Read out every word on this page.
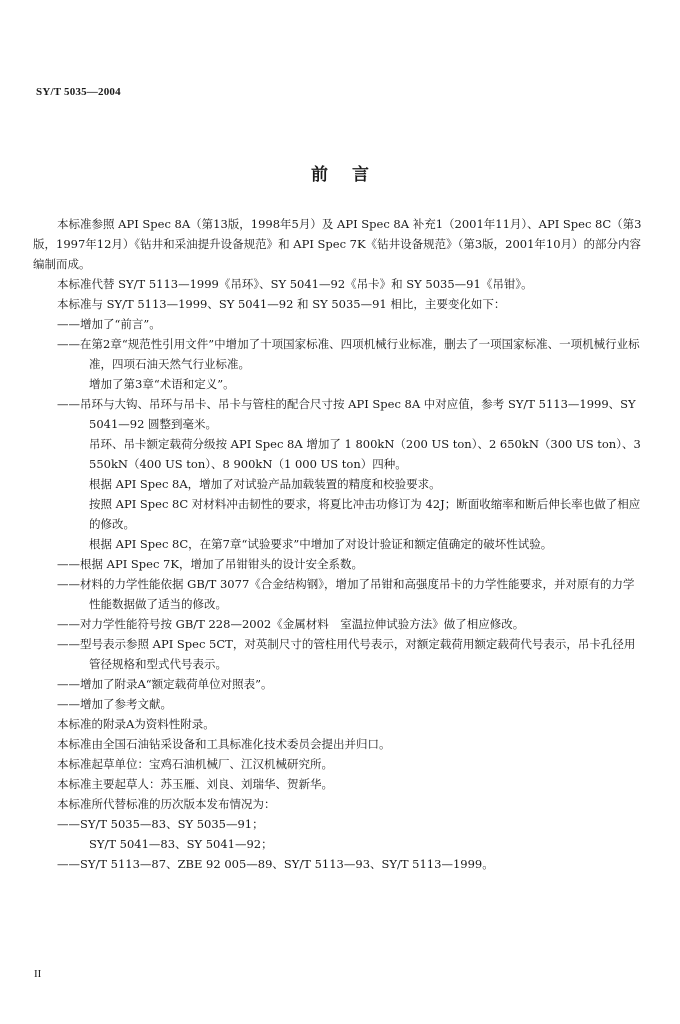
SY/T 5035—2004
前言

本标准参照 API Spec 8A（第13版，1998年5月）及 API Spec 8A 补充1（2001年11月）、API Spec 8C（第3版，1997年12月）《钻井和采油提升设备规范》和 API Spec 7K《钻井设备规范》（第3版，2001年10月）的部分内容编制而成。

本标准代替 SY/T 5113—1999《吊环》、SY 5041—92《吊卡》和 SY 5035—91《吊钳》。

本标准与 SY/T 5113—1999、SY 5041—92 和 SY 5035—91 相比，主要变化如下：

——增加了“前言”。

——在第2章“规范性引用文件”中增加了十项国家标准、四项机械行业标准，删去了一项国家标准、一项机械行业标准，四项石油天然气行业标准。

增加了第3章“术语和定义”。

——吊环与大钩、吊环与吊卡、吊卡与管柱的配合尺寸按 API Spec 8A 中对应值，参考 SY/T 5113—1999、SY 5041—92 圆整到毫米。

吊环、吊卡额定载荷分级按 API Spec 8A 增加了 1 800kN（200 US ton）、2 650kN（300 US ton）、3 550kN（400 US ton）、8 900kN（1 000 US ton）四种。

根据 API Spec 8A，增加了对试验产品加载装置的精度和校验要求。

按照 API Spec 8C 对材料冲击韧性的要求，将夏比冲击功修订为 42J；断面收缩率和断后伸长率也做了相应的修改。

根据 API Spec 8C，在第7章“试验要求”中增加了对设计验证和额定值确定的破坏性试验。

——根据 API Spec 7K，增加了吊钳钳头的设计安全系数。

——材料的力学性能依据 GB/T 3077《合金结构钢》，增加了吊钳和高强度吊卡的力学性能要求，并对原有的力学性能数据做了适当的修改。

——对力学性能符号按 GB/T 228—2002《金属材料　室温拉伸试验方法》做了相应修改。

——型号表示参照 API Spec 5CT，对英制尺寸的管柱用代号表示，对额定载荷用额定载荷代号表示，吊卡孔径用管径规格和型式代号表示。

——增加了附录A“额定载荷单位对照表”。

——增加了参考文献。

本标准的附录A为资料性附录。

本标准由全国石油钻采设备和工具标准化技术委员会提出并归口。

本标准起草单位：宝鸡石油机械厂、江汉机械研究所。

本标准主要起草人：苏玉雁、刘良、刘瑞华、贺新华。

本标准所代替标准的历次版本发布情况为：

——SY/T 5035—83、SY 5035—91；

SY/T 5041—83、SY 5041—92；

——SY/T 5113—87、ZBE 92 005—89、SY/T 5113—93、SY/T 5113—1999。

II
